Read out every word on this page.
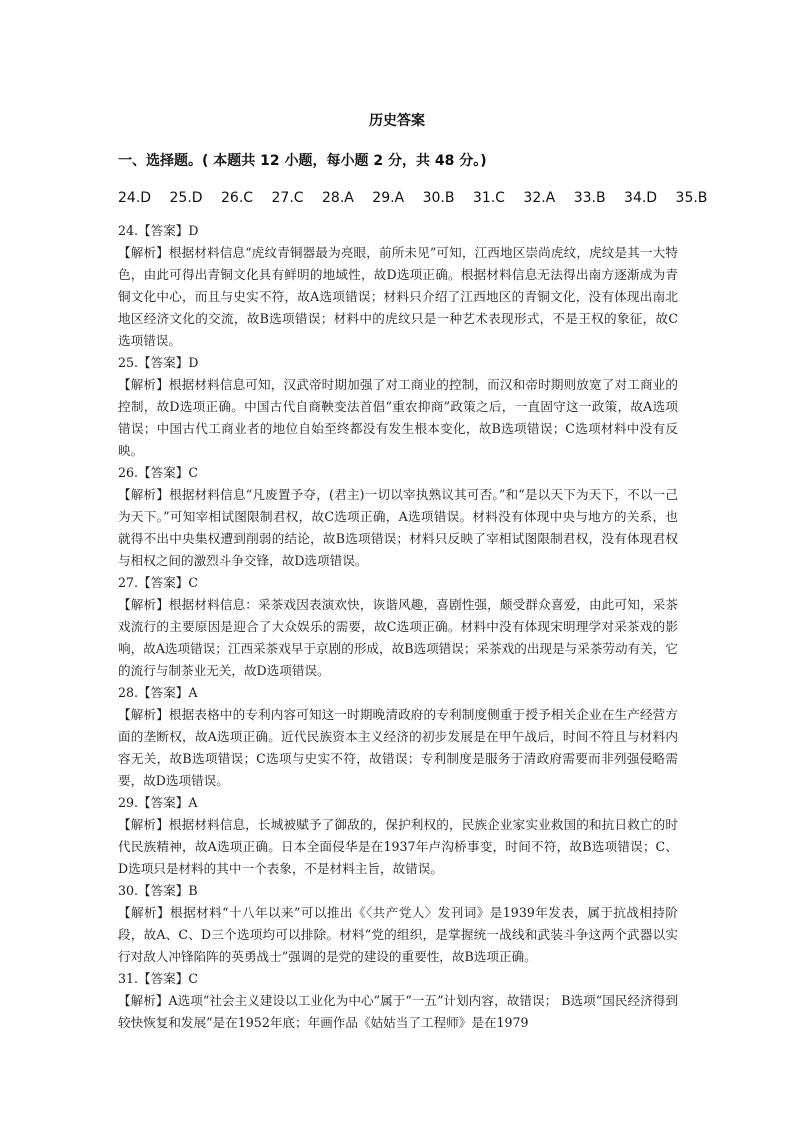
历史答案
一、选择题。( 本题共 12 小题，每小题 2 分，共 48 分。)
24.D 25.D 26.C 27.C 28.A 29.A 30.B 31.C 32.A 33.B 34.D 35.B

24.【答案】D

【解析】根据材料信息“虎纹青铜器最为亮眼，前所未见”可知，江西地区崇尚虎纹，虎纹是其一大特色，由此可得出青铜文化具有鲜明的地域性，故D选项正确。根据材料信息无法得出南方逐渐成为青铜文化中心，而且与史实不符，故A选项错误；材料只介绍了江西地区的青铜文化，没有体现出南北地区经济文化的交流，故B选项错误；材料中的虎纹只是一种艺术表现形式，不是王权的象征，故C选项错误。

25.【答案】D

【解析】根据材料信息可知，汉武帝时期加强了对工商业的控制，而汉和帝时期则放宽了对工商业的控制，故D选项正确。中国古代自商鞅变法首倡“重农抑商”政策之后，一直固守这一政策，故A选项错误；中国古代工商业者的地位自始至终都没有发生根本变化，故B选项错误；C选项材料中没有反映。

26.【答案】C

【解析】根据材料信息“凡废置予夺，(君主)一切以宰执熟议其可否。”和“是以天下为天下，不以一己为天下。”可知宰相试图限制君权，故C选项正确，A选项错误。材料没有体现中央与地方的关系，也就得不出中央集权遭到削弱的结论，故B选项错误；材料只反映了宰相试图限制君权，没有体现君权与相权之间的激烈斗争交锋，故D选项错误。

27.【答案】C

【解析】根据材料信息：采茶戏因表演欢快，诙谐风趣，喜剧性强，颇受群众喜爱，由此可知，采茶戏流行的主要原因是迎合了大众娱乐的需要，故C选项正确。材料中没有体现宋明理学对采茶戏的影响，故A选项错误；江西采茶戏早于京剧的形成，故B选项错误；采茶戏的出现是与采茶劳动有关，它的流行与制茶业无关，故D选项错误。

28.【答案】A

【解析】根据表格中的专利内容可知这一时期晚清政府的专利制度侧重于授予相关企业在生产经营方面的垄断权，故A选项正确。近代民族资本主义经济的初步发展是在甲午战后，时间不符且与材料内容无关，故B选项错误；C选项与史实不符，故错误；专利制度是服务于清政府需要而非列强侵略需要，故D选项错误。

29.【答案】A

【解析】根据材料信息，长城被赋予了御敌的，保护利权的，民族企业家实业救国的和抗日救亡的时代民族精神，故A选项正确。日本全面侵华是在1937年卢沟桥事变，时间不符，故B选项错误；C、D选项只是材料的其中一个表象，不是材料主旨，故错误。

30.【答案】B

【解析】根据材料“十八年以来”可以推出《〈共产党人〉发刊词》是1939年发表，属于抗战相持阶段，故A、C、D三个选项均可以排除。材料“党的组织，是掌握统一战线和武装斗争这两个武器以实行对敌人冲锋陷阵的英勇战士”强调的是党的建设的重要性，故B选项正确。

31.【答案】C

【解析】A选项“社会主义建设以工业化为中心”属于“一五”计划内容，故错误； B选项“国民经济得到较快恢复和发展”是在1952年底；年画作品《姑姑当了工程师》是在1979
